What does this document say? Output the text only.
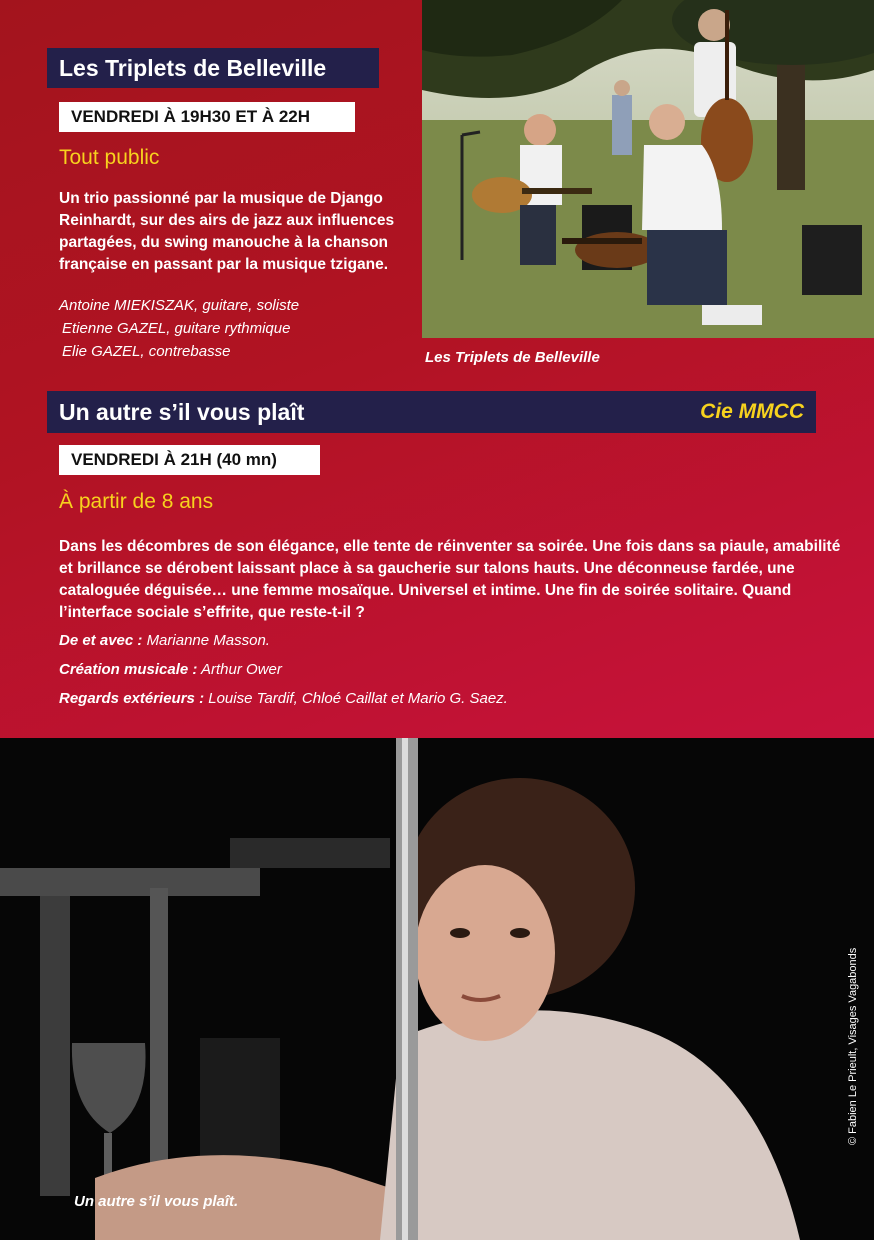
Les Triplets de Belleville
Les Triplets de Belleville
VENDREDI À 19H30 ET À 22H
Tout public
Un trio passionné par la musique de Django Reinhardt, sur des airs de jazz aux influences partagées, du swing manouche à la chanson française en passant par la musique tzigane.
Antoine MIEKISZAK, guitare, soliste
Etienne GAZEL, guitare rythmique
Elie GAZEL, contrebasse
Un autre s’il vous plaît	Cie MMCC
VENDREDI À 21H (40 mn)
À partir de 8 ans
Dans les décombres de son élégance, elle tente de réinventer sa soirée. Une fois dans sa piaule, amabilité et brillance se dérobent laissant place à sa gaucherie sur talons hauts. Une déconneuse fardée, une cataloguée déguisée… une femme mosaïque. Universel et intime. Une fin de soirée solitaire. Quand l’interface sociale s’effrite, que reste-t-il ?
De et avec : Marianne Masson.
Création musicale : Arthur Ower
Regards extérieurs : Louise Tardif, Chloé Caillat et Mario G. Saez.
Un autre s’il vous plaît.
© Fabien Le Prieult, Visages Vagabonds
